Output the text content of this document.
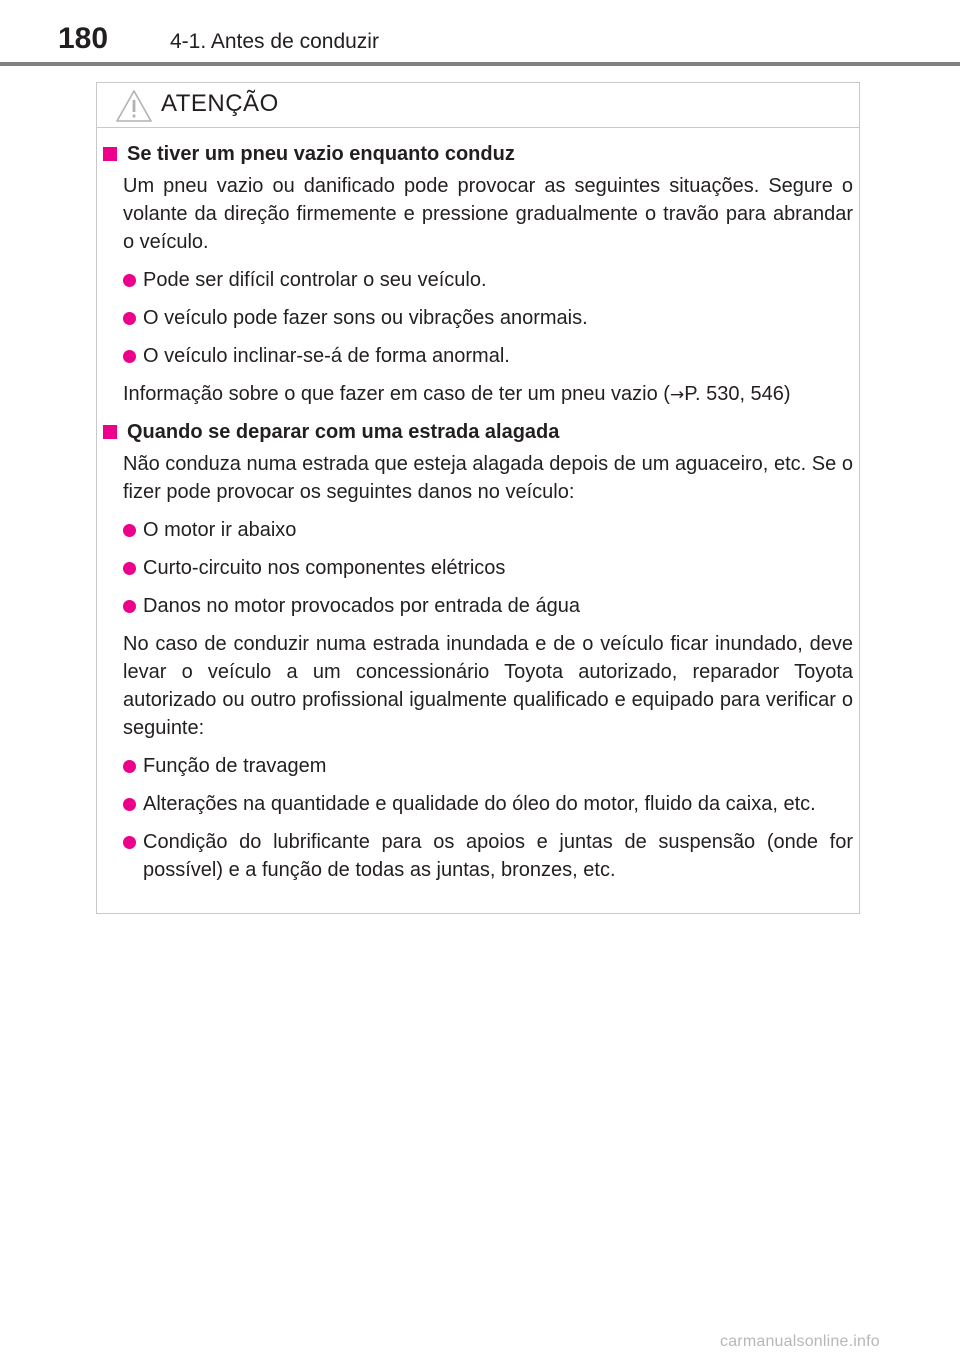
180	4-1. Antes de conduzir
ATENÇÃO
Se tiver um pneu vazio enquanto conduz
Um pneu vazio ou danificado pode provocar as seguintes situações. Segure o volante da direção firmemente e pressione gradualmente o travão para abrandar o veículo.
Pode ser difícil controlar o seu veículo.
O veículo pode fazer sons ou vibrações anormais.
O veículo inclinar-se-á de forma anormal.
Informação sobre o que fazer em caso de ter um pneu vazio (→P. 530, 546)
Quando se deparar com uma estrada alagada
Não conduza numa estrada que esteja alagada depois de um aguaceiro, etc. Se o fizer pode provocar os seguintes danos no veículo:
O motor ir abaixo
Curto-circuito nos componentes elétricos
Danos no motor provocados por entrada de água
No caso de conduzir numa estrada inundada e de o veículo ficar inundado, deve levar o veículo a um concessionário Toyota autorizado, reparador Toyota autorizado ou outro profissional igualmente qualificado e equipado para verificar o seguinte:
Função de travagem
Alterações na quantidade e qualidade do óleo do motor, fluido da caixa, etc.
Condição do lubrificante para os apoios e juntas de suspensão (onde for possível) e a função de todas as juntas, bronzes, etc.
carmanualsonline.info
